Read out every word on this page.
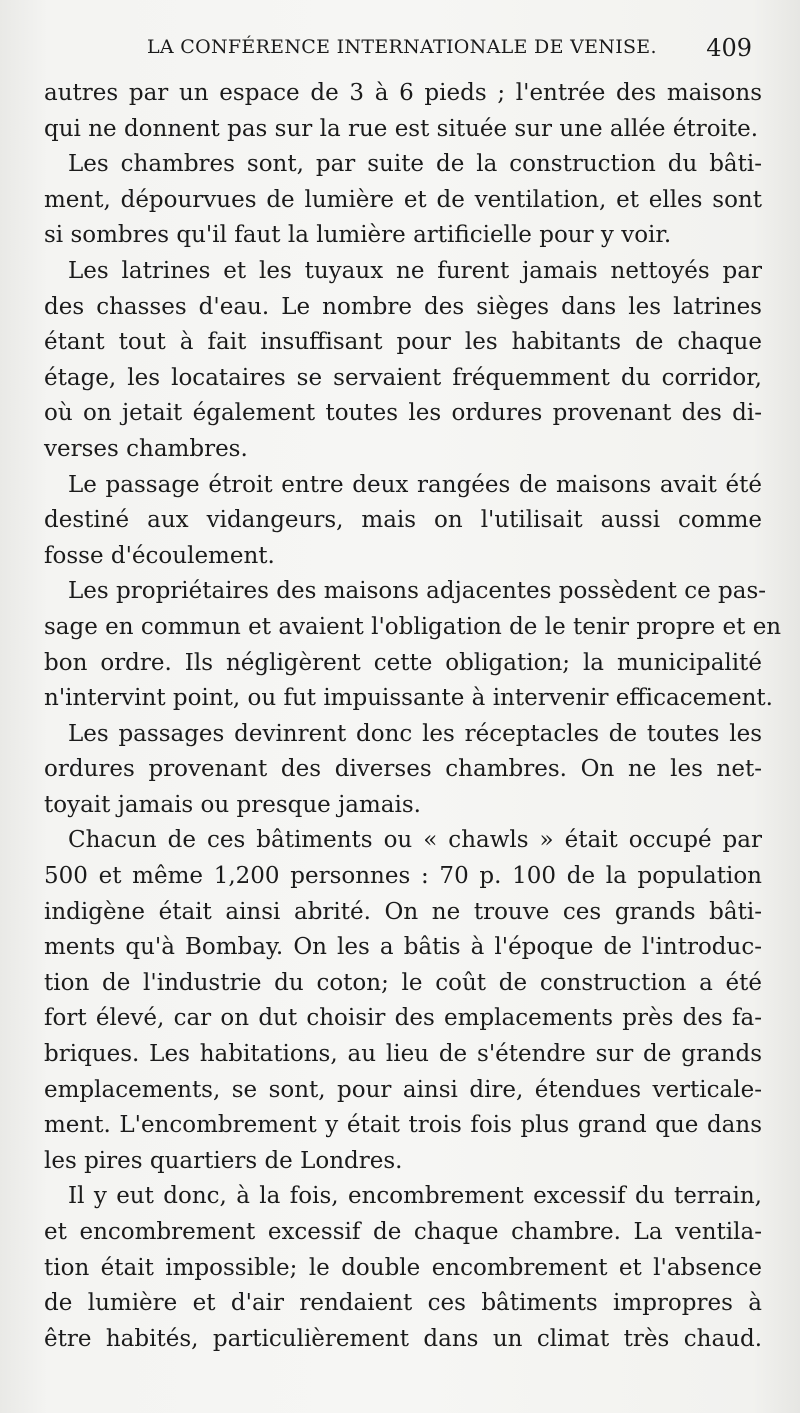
LA CONFÉRENCE INTERNATIONALE DE VENISE. 409

autres par un espace de 3 à 6 pieds ; l'entrée des maisons
qui ne donnent pas sur la rue est située sur une allée étroite.

Les chambres sont, par suite de la construction du bâti-
ment, dépourvues de lumière et de ventilation, et elles sont
si sombres qu'il faut la lumière artificielle pour y voir.

Les latrines et les tuyaux ne furent jamais nettoyés par
des chasses d'eau. Le nombre des sièges dans les latrines
étant tout à fait insuffisant pour les habitants de chaque
étage, les locataires se servaient fréquemment du corridor,
où on jetait également toutes les ordures provenant des di-
verses chambres.

Le passage étroit entre deux rangées de maisons avait été
destiné aux vidangeurs, mais on l'utilisait aussi comme
fosse d'écoulement.

Les propriétaires des maisons adjacentes possèdent ce pas-
sage en commun et avaient l'obligation de le tenir propre et en
bon ordre. Ils négligèrent cette obligation; la municipalité
n'intervint point, ou fut impuissante à intervenir efficacement.

Les passages devinrent donc les réceptacles de toutes les
ordures provenant des diverses chambres. On ne les net-
toyait jamais ou presque jamais.

Chacun de ces bâtiments ou « chawls » était occupé par
500 et même 1,200 personnes : 70 p. 100 de la population
indigène était ainsi abrité. On ne trouve ces grands bâti-
ments qu'à Bombay. On les a bâtis à l'époque de l'introduc-
tion de l'industrie du coton; le coût de construction a été
fort élevé, car on dut choisir des emplacements près des fa-
briques. Les habitations, au lieu de s'étendre sur de grands
emplacements, se sont, pour ainsi dire, étendues verticale-
ment. L'encombrement y était trois fois plus grand que dans
les pires quartiers de Londres.

Il y eut donc, à la fois, encombrement excessif du terrain,
et encombrement excessif de chaque chambre. La ventila-
tion était impossible; le double encombrement et l'absence
de lumière et d'air rendaient ces bâtiments impropres à
être habités, particulièrement dans un climat très chaud.
